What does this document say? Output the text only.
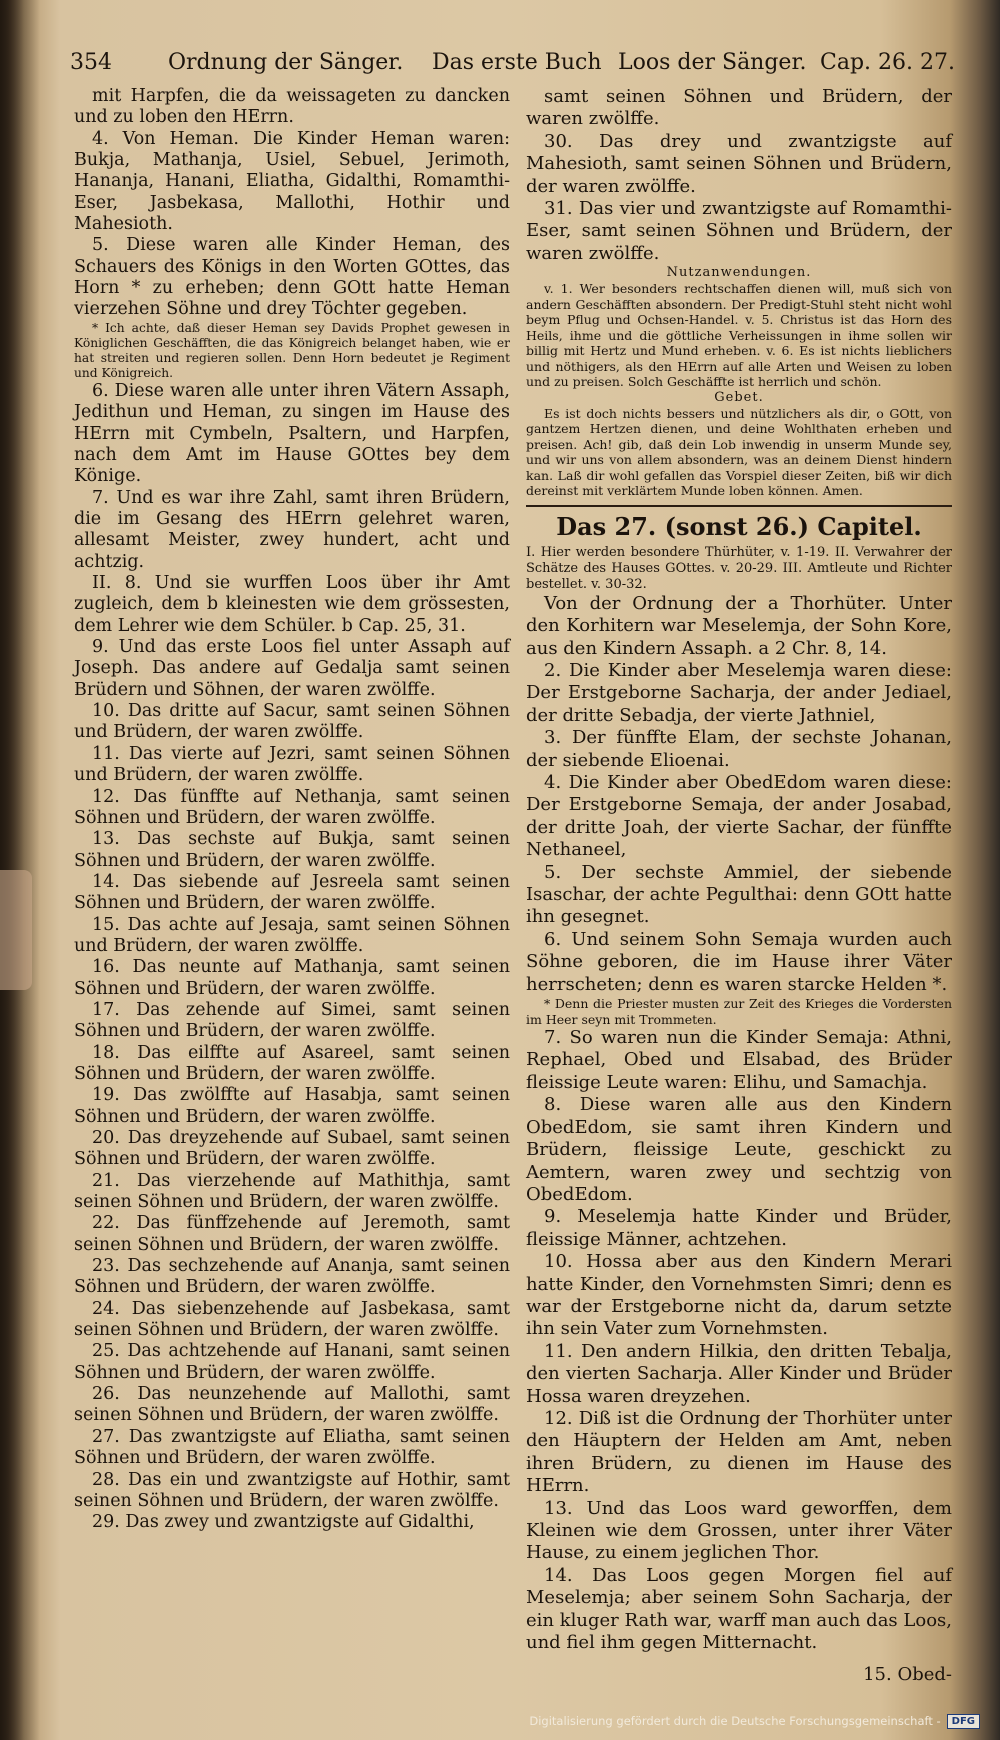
354	Ordnung der Sänger. Das erste Buch Loos der Sänger. Cap. 26. 27.

mit Harpfen, die da weissageten zu dancken und zu loben den HErrn.

4. Von Heman. Die Kinder Heman waren: Bukja, Mathanja, Usiel, Sebuel, Jerimoth, Hananja, Hanani, Eliatha, Gidalthi, Romamthi-Eser, Jasbekasa, Mallothi, Hothir und Mahesioth.

5. Diese waren alle Kinder Heman, des Schauers des Königs in den Worten GOttes, das Horn * zu erheben; denn GOtt hatte Heman vierzehen Söhne und drey Töchter gegeben.

* Ich achte, daß dieser Heman sey Davids Prophet gewesen in Königlichen Geschäfften, die das Königreich belanget haben, wie er hat streiten und regieren sollen. Denn Horn bedeutet je Regiment und Königreich.

6. Diese waren alle unter ihren Vätern Assaph, Jedithun und Heman, zu singen im Hause des HErrn mit Cymbeln, Psaltern, und Harpfen, nach dem Amt im Hause GOttes bey dem Könige.

7. Und es war ihre Zahl, samt ihren Brüdern, die im Gesang des HErrn gelehret waren, allesamt Meister, zwey hundert, acht und achtzig.

II. 8. Und sie wurffen Loos über ihr Amt zugleich, dem b kleinesten wie dem grössesten, dem Lehrer wie dem Schüler. b Cap. 25, 31.

9. Und das erste Loos fiel unter Assaph auf Joseph. Das andere auf Gedalja samt seinen Brüdern und Söhnen, der waren zwölffe.

10. Das dritte auf Sacur, samt seinen Söhnen und Brüdern, der waren zwölffe.

11. Das vierte auf Jezri, samt seinen Söhnen und Brüdern, der waren zwölffe.

12. Das fünffte auf Nethanja, samt seinen Söhnen und Brüdern, der waren zwölffe.

13. Das sechste auf Bukja, samt seinen Söhnen und Brüdern, der waren zwölffe.

14. Das siebende auf Jesreela samt seinen Söhnen und Brüdern, der waren zwölffe.

15. Das achte auf Jesaja, samt seinen Söhnen und Brüdern, der waren zwölffe.

16. Das neunte auf Mathanja, samt seinen Söhnen und Brüdern, der waren zwölffe.

17. Das zehende auf Simei, samt seinen Söhnen und Brüdern, der waren zwölffe.

18. Das eilffte auf Asareel, samt seinen Söhnen und Brüdern, der waren zwölffe.

19. Das zwölffte auf Hasabja, samt seinen Söhnen und Brüdern, der waren zwölffe.

20. Das dreyzehende auf Subael, samt seinen Söhnen und Brüdern, der waren zwölffe.

21. Das vierzehende auf Mathithja, samt seinen Söhnen und Brüdern, der waren zwölffe.

22. Das fünffzehende auf Jeremoth, samt seinen Söhnen und Brüdern, der waren zwölffe.

23. Das sechzehende auf Ananja, samt seinen Söhnen und Brüdern, der waren zwölffe.

24. Das siebenzehende auf Jasbekasa, samt seinen Söhnen und Brüdern, der waren zwölffe.

25. Das achtzehende auf Hanani, samt seinen Söhnen und Brüdern, der waren zwölffe.

26. Das neunzehende auf Mallothi, samt seinen Söhnen und Brüdern, der waren zwölffe.

27. Das zwantzigste auf Eliatha, samt seinen Söhnen und Brüdern, der waren zwölffe.

28. Das ein und zwantzigste auf Hothir, samt seinen Söhnen und Brüdern, der waren zwölffe.

29. Das zwey und zwantzigste auf Gidalthi,

samt seinen Söhnen und Brüdern, der waren zwölffe.

30. Das drey und zwantzigste auf Mahesioth, samt seinen Söhnen und Brüdern, der waren zwölffe.

31. Das vier und zwantzigste auf Romamthi-Eser, samt seinen Söhnen und Brüdern, der waren zwölffe.

Nutzanwendungen.

v. 1. Wer besonders rechtschaffen dienen will, muß sich von andern Geschäfften absondern. Der Predigt-Stuhl steht nicht wohl beym Pflug und Ochsen-Handel. v. 5. Christus ist das Horn des Heils, ihme und die göttliche Verheissungen in ihme sollen wir billig mit Hertz und Mund erheben. v. 6. Es ist nichts lieblichers und nöthigers, als den HErrn auf alle Arten und Weisen zu loben und zu preisen. Solch Geschäffte ist herrlich und schön.

Gebet.

Es ist doch nichts bessers und nützlichers als dir, o GOtt, von gantzem Hertzen dienen, und deine Wohlthaten erheben und preisen. Ach! gib, daß dein Lob inwendig in unserm Munde sey, und wir uns von allem absondern, was an deinem Dienst hindern kan. Laß dir wohl gefallen das Vorspiel dieser Zeiten, biß wir dich dereinst mit verklärtem Munde loben können. Amen.

Das 27. (sonst 26.) Capitel.

I. Hier werden besondere Thürhüter, v. 1-19. II. Verwahrer der Schätze des Hauses GOttes. v. 20-29. III. Amtleute und Richter bestellet. v. 30-32.

Von der Ordnung der a Thorhüter. Unter den Korhitern war Meselemja, der Sohn Kore, aus den Kindern Assaph. a 2 Chr. 8, 14.

2. Die Kinder aber Meselemja waren diese: Der Erstgeborne Sacharja, der ander Jediael, der dritte Sebadja, der vierte Jathniel,

3. Der fünffte Elam, der sechste Johanan, der siebende Elioenai.

4. Die Kinder aber ObedEdom waren diese: Der Erstgeborne Semaja, der ander Josabad, der dritte Joah, der vierte Sachar, der fünffte Nethaneel,

5. Der sechste Ammiel, der siebende Isaschar, der achte Pegulthai: denn GOtt hatte ihn gesegnet.

6. Und seinem Sohn Semaja wurden auch Söhne geboren, die im Hause ihrer Väter herrscheten; denn es waren starcke Helden *.

* Denn die Priester musten zur Zeit des Krieges die Vordersten im Heer seyn mit Trommeten.

7. So waren nun die Kinder Semaja: Athni, Rephael, Obed und Elsabad, des Brüder fleissige Leute waren: Elihu, und Samachja.

8. Diese waren alle aus den Kindern ObedEdom, sie samt ihren Kindern und Brüdern, fleissige Leute, geschickt zu Aemtern, waren zwey und sechtzig von ObedEdom.

9. Meselemja hatte Kinder und Brüder, fleissige Männer, achtzehen.

10. Hossa aber aus den Kindern Merari hatte Kinder, den Vornehmsten Simri; denn es war der Erstgeborne nicht da, darum setzte ihn sein Vater zum Vornehmsten.

11. Den andern Hilkia, den dritten Tebalja, den vierten Sacharja. Aller Kinder und Brüder Hossa waren dreyzehen.

12. Diß ist die Ordnung der Thorhüter unter den Häuptern der Helden am Amt, neben ihren Brüdern, zu dienen im Hause des HErrn.

13. Und das Loos ward geworffen, dem Kleinen wie dem Grossen, unter ihrer Väter Hause, zu einem jeglichen Thor.

14. Das Loos gegen Morgen fiel auf Meselemja; aber seinem Sohn Sacharja, der ein kluger Rath war, warff man auch das Loos, und fiel ihm gegen Mitternacht.

15. Obed-

Digitalisierung gefördert durch die Deutsche Forschungsgemeinschaft -	DFG
